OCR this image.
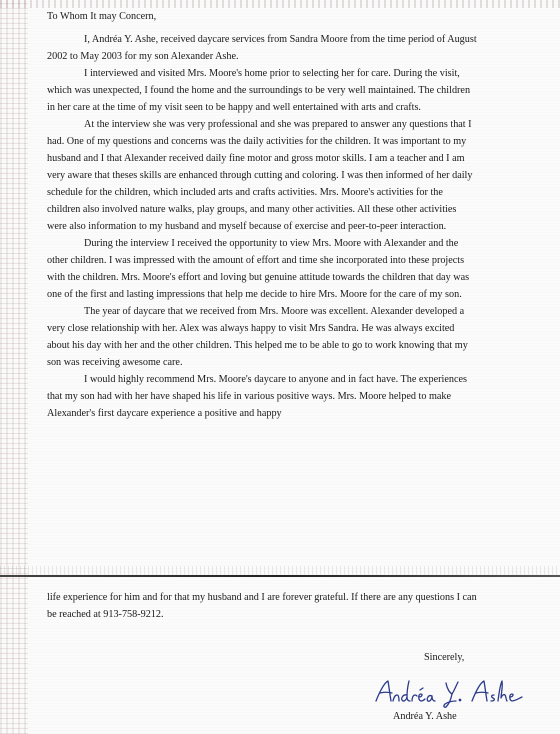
To Whom It may Concern,

I, Andréa Y. Ashe, received daycare services from Sandra Moore from the time period of August 2002 to May 2003 for my son Alexander Ashe.

I interviewed and visited Mrs. Moore's home prior to selecting her for care. During the visit, which was unexpected, I found the home and the surroundings to be very well maintained. The children in her care at the time of my visit seen to be happy and well entertained with arts and crafts.

At the interview she was very professional and she was prepared to answer any questions that I had. One of my questions and concerns was the daily activities for the children. It was important to my husband and I that Alexander received daily fine motor and gross motor skills. I am a teacher and I am very aware that theses skills are enhanced through cutting and coloring. I was then informed of her daily schedule for the children, which included arts and crafts activities. Mrs. Moore's activities for the children also involved nature walks, play groups, and many other activities. All these other activities were also information to my husband and myself because of exercise and peer-to-peer interaction.

During the interview I received the opportunity to view Mrs. Moore with Alexander and the other children. I was impressed with the amount of effort and time she incorporated into these projects with the children. Mrs. Moore's effort and loving but genuine attitude towards the children that day was one of the first and lasting impressions that help me decide to hire Mrs. Moore for the care of my son.

The year of daycare that we received from Mrs. Moore was excellent. Alexander developed a very close relationship with her. Alex was always happy to visit Mrs Sandra. He was always excited about his day with her and the other children. This helped me to be able to go to work knowing that my son was receiving awesome care.

I would highly recommend Mrs. Moore's daycare to anyone and in fact have. The experiences that my son had with her have shaped his life in various positive ways. Mrs. Moore helped to make Alexander's first daycare experience a positive and happy

life experience for him and for that my husband and I are forever grateful. If there are any questions I can be reached at 913-758-9212.

Sincerely,
Andréa Y. Ashe
